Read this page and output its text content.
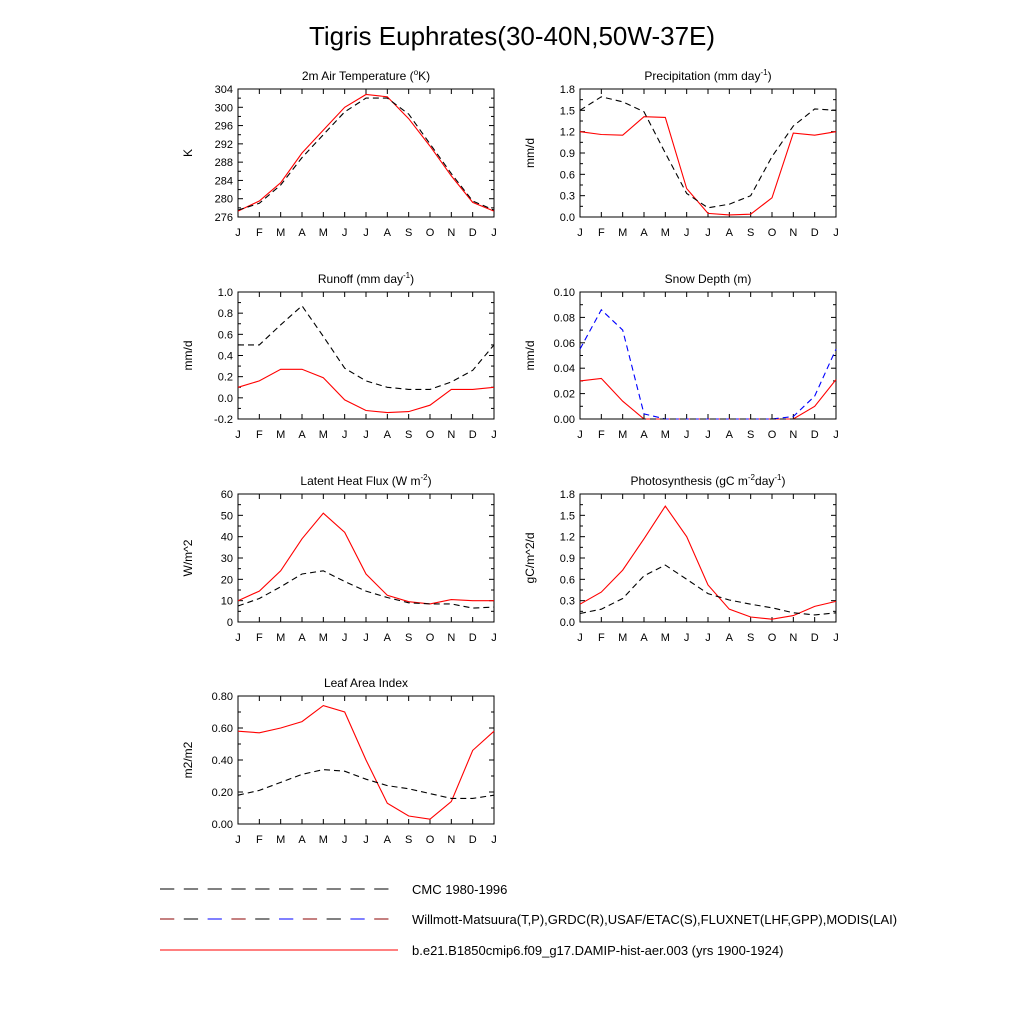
Tigris Euphrates(30-40N,50W-37E)
J F M A M J J A S O N D J
276
280
284
288
292
296
300
304
2m Air Temperature ($^o$K)
K
J F M A M J J A S O N D J
0.0
0.3
0.6
0.9
1.2
1.5
1.8
Precipitation (mm day$^{-1}$)
mm/d
J F M A M J J A S O N D J
-0.2
0.0
0.2
0.4
0.6
0.8
1.0
Runoff (mm day$^{-1}$)
mm/d
J F M A M J J A S O N D J
0.00
0.02
0.04
0.06
0.08
0.10
Snow Depth (m)
mm/d
J F M A M J J A S O N D J
0
10
20
30
40
50
60
Latent Heat Flux (W $m^{-2}$)
W/m^2
J F M A M J J A S O N D J
0.0
0.3
0.6
0.9
1.2
1.5
1.8
Photosynthesis (gC $m^{-2}day^{-1}$)
gC/m^2/d
J F M A M J J A S O N D J
0.00
0.20
0.40
0.60
0.80
Leaf Area Index
m2/m2
CMC 1980-1996
Willmott-Matsuura(T,P),GRDC(R),USAF/ETAC(S),FLUXNET(LHF,GPP),MODIS(LAI)
b.e21.B1850cmip6.f09_g17.DAMIP-hist-aer.003 (yrs 1900-1924)
